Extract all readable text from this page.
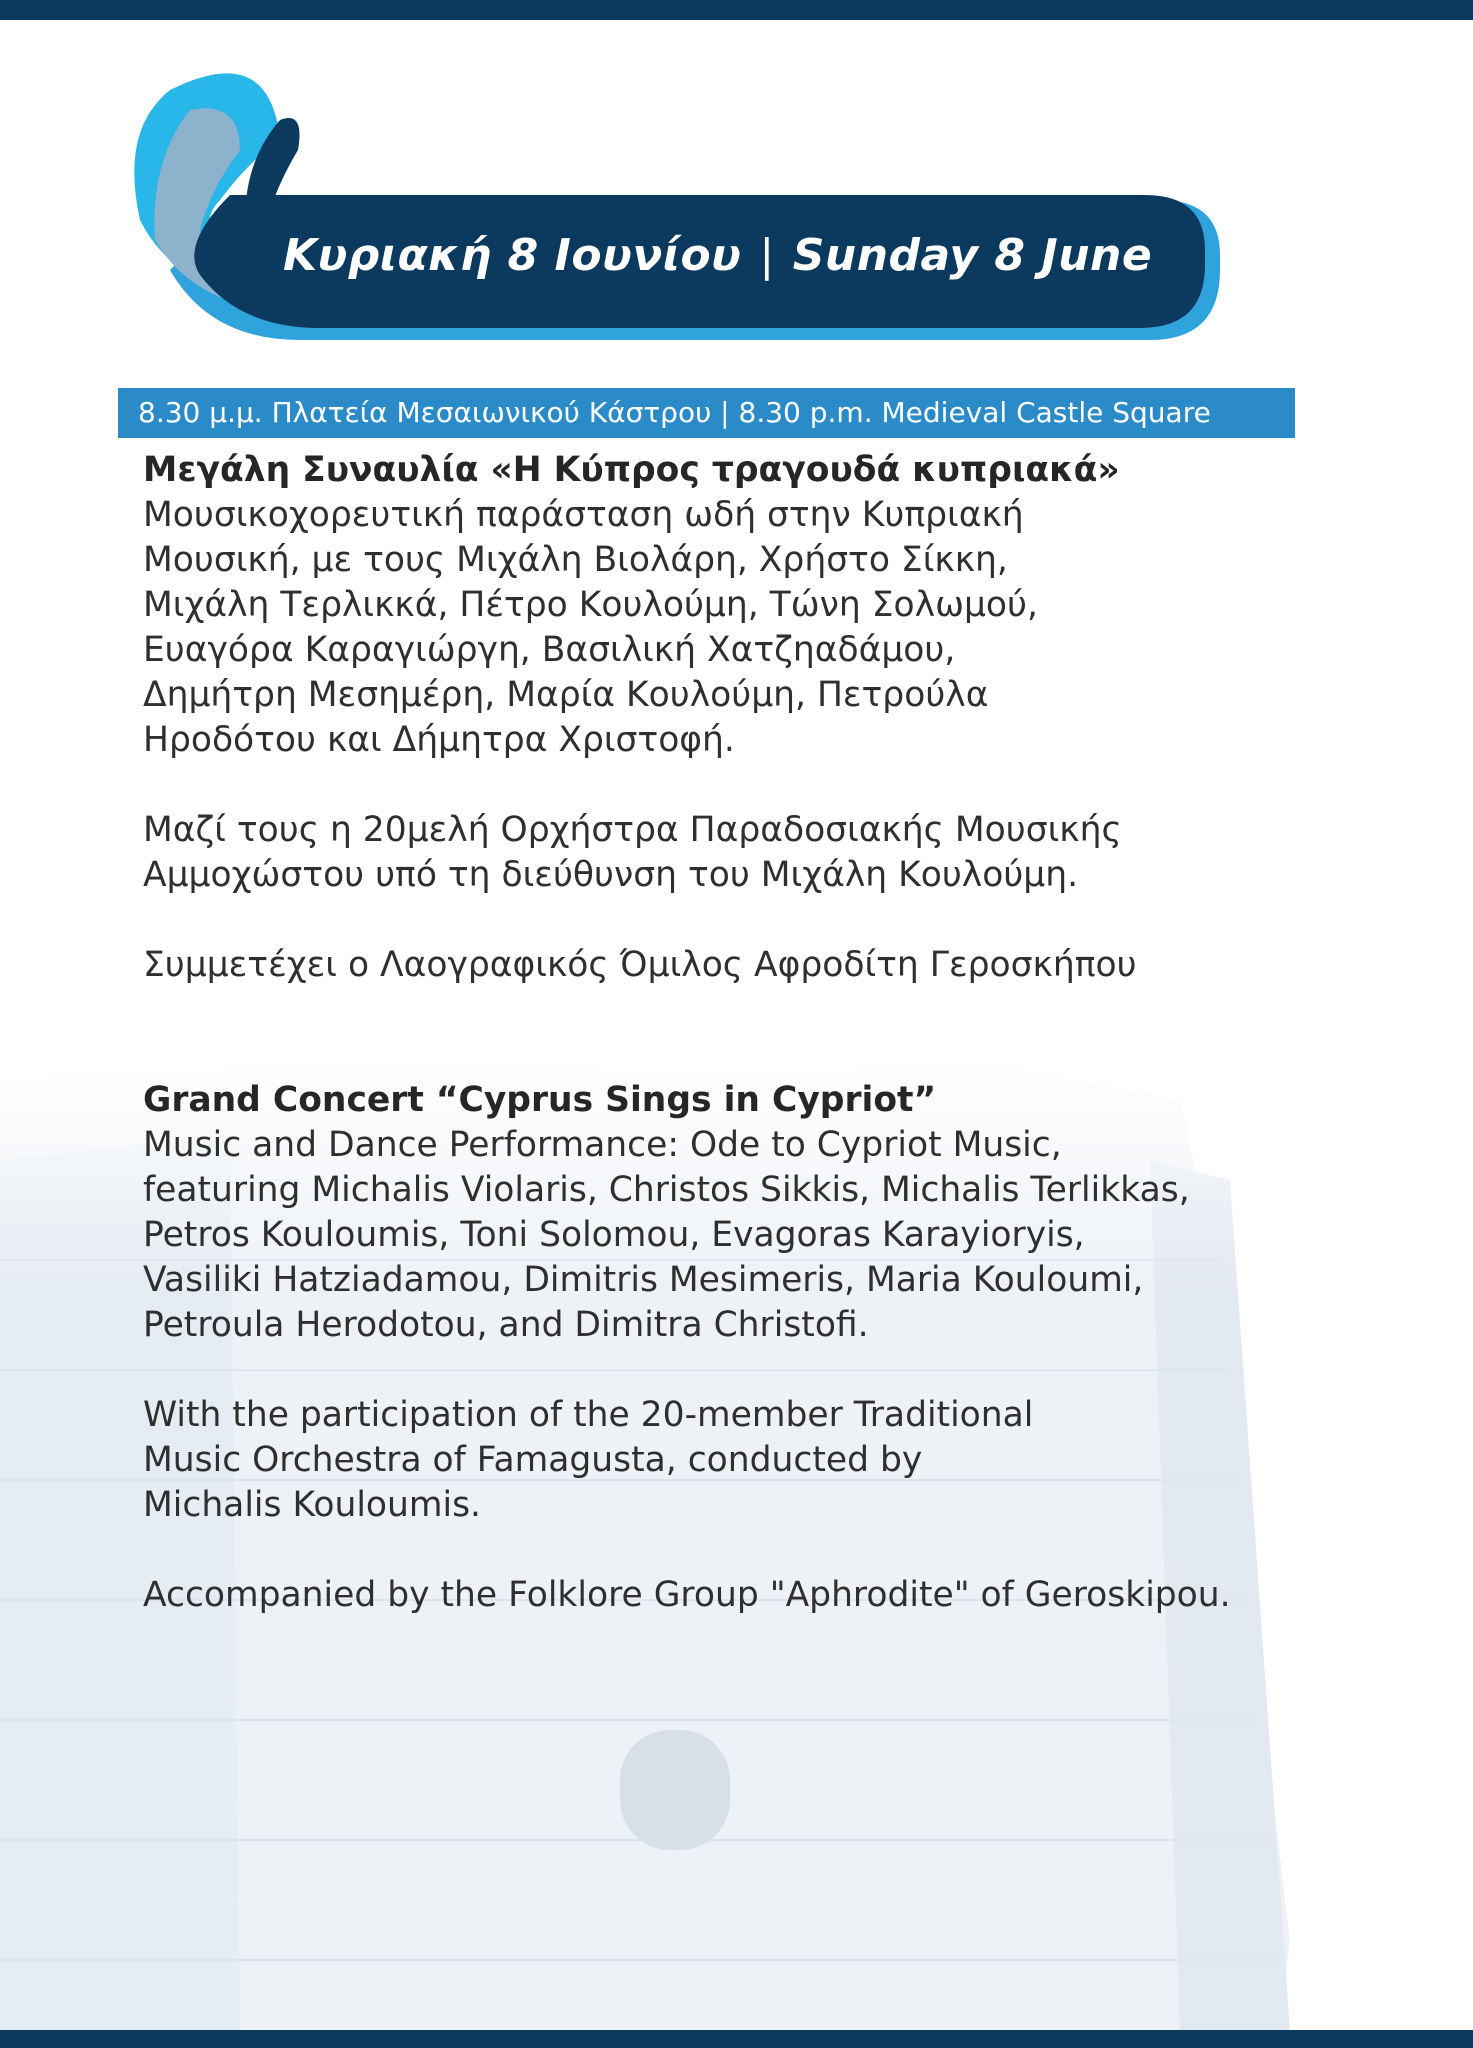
Κυριακή 8 Ιουνίου | Sunday 8 June
8.30 μ.μ. Πλατεία Μεσαιωνικού Κάστρου | 8.30 p.m. Medieval Castle Square
Μεγάλη Συναυλία «Η Κύπρος τραγουδά κυπριακά»
Μουσικοχορευτική παράσταση ωδή στην Κυπριακή
Μουσική, με τους Μιχάλη Βιολάρη, Χρήστο Σίκκη,
Μιχάλη Τερλικκά, Πέτρο Κουλούμη, Τώνη Σολωμού,
Ευαγόρα Καραγιώργη, Βασιλική Χατζηαδάμου,
Δημήτρη Μεσημέρη, Μαρία Κουλούμη, Πετρούλα
Ηροδότου και Δήμητρα Χριστοφή.
Μαζί τους η 20μελή Ορχήστρα Παραδοσιακής Μουσικής
Αμμοχώστου υπό τη διεύθυνση του Μιχάλη Κουλούμη.
Συμμετέχει ο Λαογραφικός Όμιλος Αφροδίτη Γεροσκήπου
Grand Concert “Cyprus Sings in Cypriot”
Music and Dance Performance: Ode to Cypriot Music,
featuring Michalis Violaris, Christos Sikkis, Michalis Terlikkas,
Petros Kouloumis, Toni Solomou, Evagoras Karayioryis,
Vasiliki Hatziadamou, Dimitris Mesimeris, Maria Kouloumi,
Petroula Herodotou, and Dimitra Christofi.
With the participation of the 20-member Traditional
Music Orchestra of Famagusta, conducted by
Michalis Kouloumis.
Accompanied by the Folklore Group "Aphrodite" of Geroskipou.
